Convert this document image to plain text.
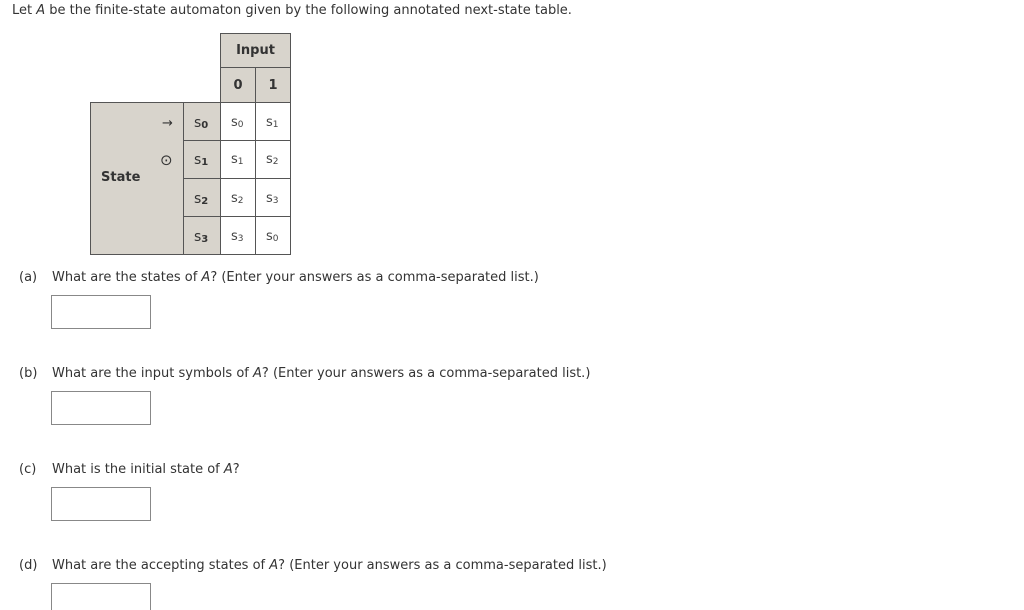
Let A be the finite-state automaton given by the following annotated next-state table.
Input
0 1
State
→
⊙
$s_0$ $s_0$ $s_1$
$s_1$ $s_1$ $s_2$
$s_2$ $s_2$ $s_3$
$s_3$ $s_3$ $s_0$
(a) What are the states of A? (Enter your answers as a comma-separated list.)
(b) What are the input symbols of A? (Enter your answers as a comma-separated list.)
(c) What is the initial state of A?
(d) What are the accepting states of A? (Enter your answers as a comma-separated list.)
